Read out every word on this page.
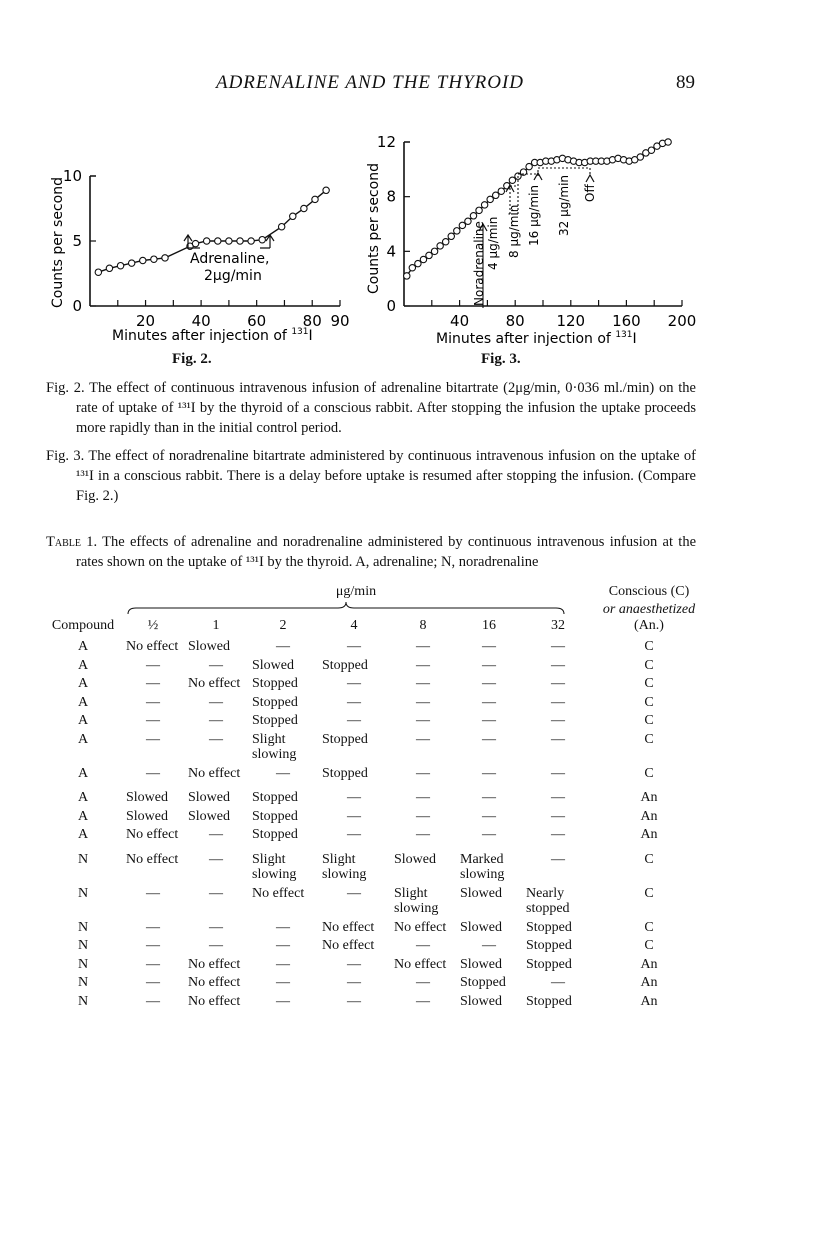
ADRENALINE AND THE THYROID	89
20 40 60 80 90
0
5
10
Counts per second	Adrenaline,
2μg/min
Minutes after injection of $^{131}$I
Fig. 2.
40 80 120 160 200
0
4
8
12
Noradrenaline 4 μg/min 8 μg/min 16 μg/min 32 μg/min Off
Counts per second
Minutes after injection of $^{131}$I
Fig. 3.
Fig. 2. The effect of continuous intravenous infusion of adrenaline bitartrate (2μg/min, 0·036 ml./min) on the rate of uptake of ¹³¹I by the thyroid of a conscious rabbit. After stopping the infusion the uptake proceeds more rapidly than in the initial control period.
Fig. 3. The effect of noradrenaline bitartrate administered by continuous intravenous infusion on the uptake of ¹³¹I in a conscious rabbit. There is a delay before uptake is resumed after stopping the infusion. (Compare Fig. 2.)
Table 1. The effects of adrenaline and noradrenaline administered by continuous intravenous infusion at the rates shown on the uptake of ¹³¹I by the thyroid. A, adrenaline; N, noradrenaline
	μg/min							Conscious (C)

	or anaesthetized
Compound	½	1	2	4	8	16	32	(An.)
A	No effect	Slowed	—	—	—	—	—	C
A	—	—	Slowed	Stopped	—	—	—	C
A	—	No effect	Stopped	—	—	—	—	C
A	—	—	Stopped	—	—	—	—	C
A	—	—	Stopped	—	—	—	—	C
A	—	—	Slight slowing	Stopped	—	—	—	C
A	—	No effect	—	Stopped	—	—	—	C
A	Slowed	Slowed	Stopped	—	—	—	—	An
A	Slowed	Slowed	Stopped	—	—	—	—	An
A	No effect	—	Stopped	—	—	—	—	An
N	No effect	—	Slight slowing	Slight slowing	Slowed	Marked slowing	—	C
N	—	—	No effect	—	Slight slowing	Slowed	Nearly stopped	C
N	—	—	—	No effect	No effect	Slowed	Stopped	C
N	—	—	—	No effect	—	—	Stopped	C
N	—	No effect	—	—	No effect	Slowed	Stopped	An
N	—	No effect	—	—	—	Stopped	—	An
N	—	No effect	—	—	—	Slowed	Stopped	An
